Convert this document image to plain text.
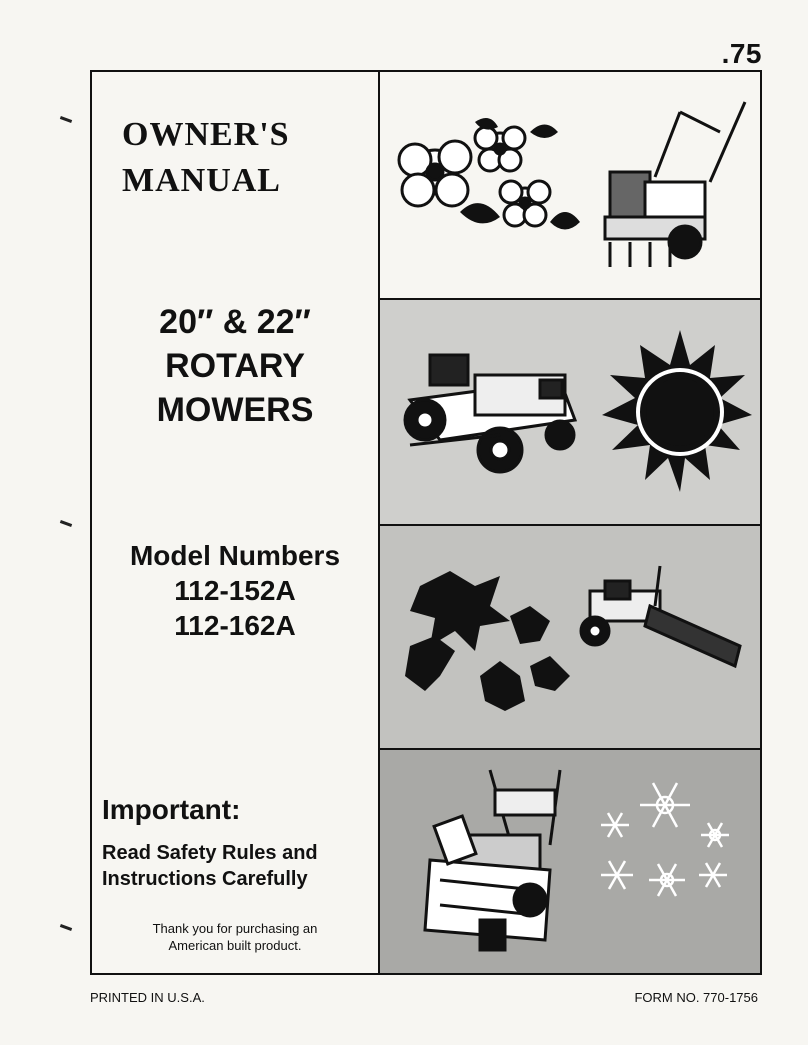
.75
OWNER'S
MANUAL
20″ & 22″
ROTARY
MOWERS
Model Numbers
112-152A
112-162A
Important:
Read Safety Rules and
Instructions Carefully
Thank you for purchasing an
American built product.
PRINTED IN U.S.A.	FORM NO. 770-1756
